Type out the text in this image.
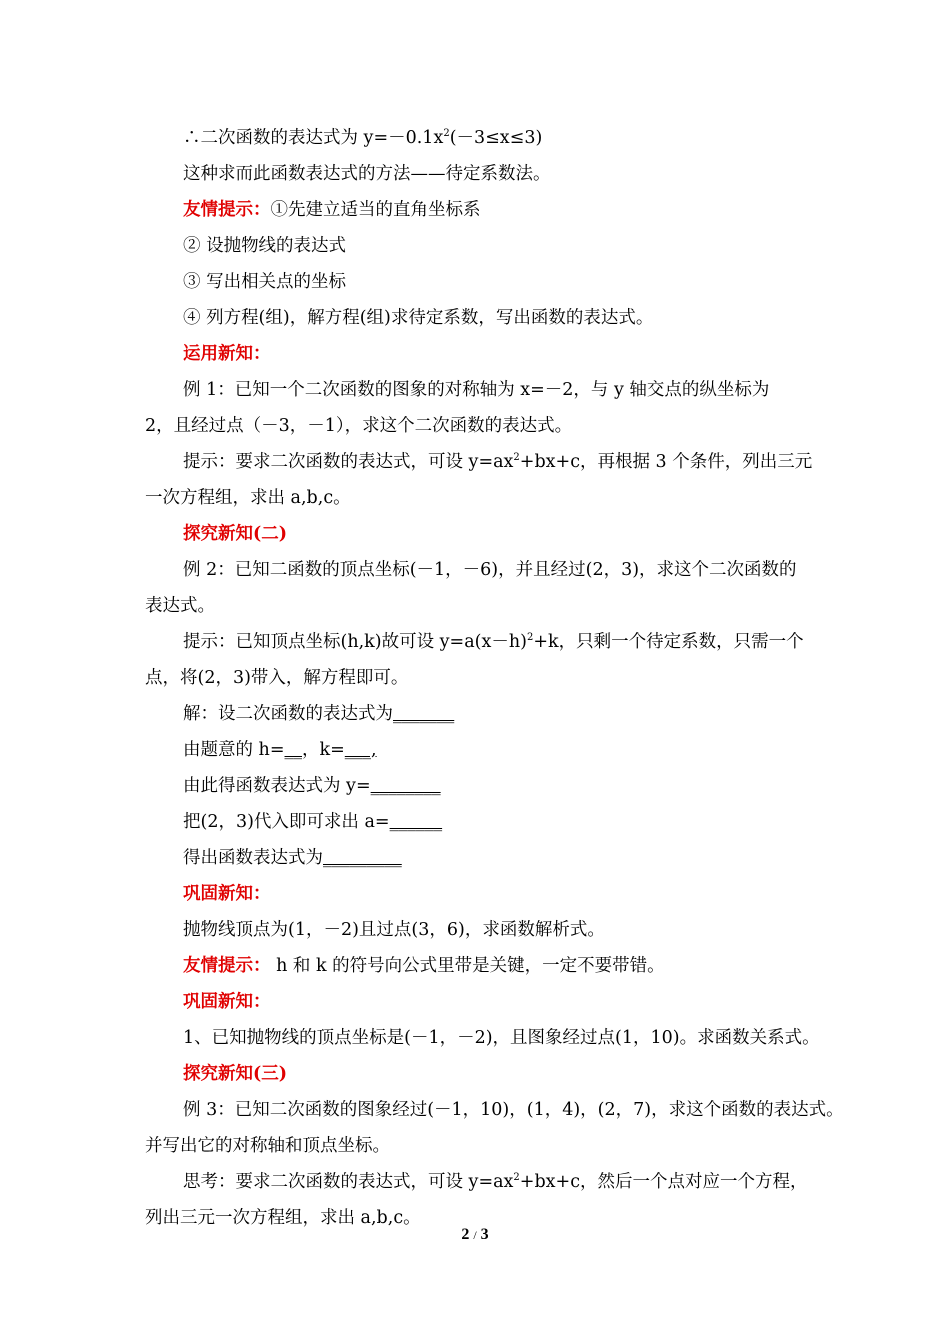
∴二次函数的表达式为 $y=-0.1x^2(-3\le x\le 3)$
这种求而此函数表达式的方法——待定系数法。
友情提示：①先建立适当的直角坐标系
② 设抛物线的表达式
③ 写出相关点的坐标
④ 列方程(组)，解方程(组)求待定系数，写出函数的表达式。
运用新知：
例 1：已知一个二次函数的图象的对称轴为 x=－2，与 y 轴交点的纵坐标为
2，且经过点（－3，－1），求这个二次函数的表达式。
提示：要求二次函数的表达式，可设 $y=ax^2+bx+c$，再根据 3 个条件，列出三元
一次方程组，求出 a,b,c。
探究新知(二)
例 2：已知二函数的顶点坐标(－1，－6)，并且经过(2，3)，求这个二次函数的
表达式。
提示：已知顶点坐标(h,k)故可设 $y=a(x-h)^2+k$，只剩一个待定系数，只需一个
点，将(2，3)带入，解方程即可。
解：设二次函数的表达式为_______
由题意的 h=__，k=___,
由此得函数表达式为 y=________
把(2，3)代入即可求出 a=______
得出函数表达式为_________
巩固新知：
抛物线顶点为(1，－2)且过点(3，6)，求函数解析式。
友情提示： h 和 k 的符号向公式里带是关键，一定不要带错。
巩固新知：
1、已知抛物线的顶点坐标是(－1，－2)，且图象经过点(1，10)。求函数关系式。
探究新知(三)
例 3：已知二次函数的图象经过(－1，10)，(1，4)，(2，7)，求这个函数的表达式。
并写出它的对称轴和顶点坐标。
思考：要求二次函数的表达式，可设 $y=ax^2+bx+c$，然后一个点对应一个方程，
列出三元一次方程组，求出 a,b,c。
2 / 3
